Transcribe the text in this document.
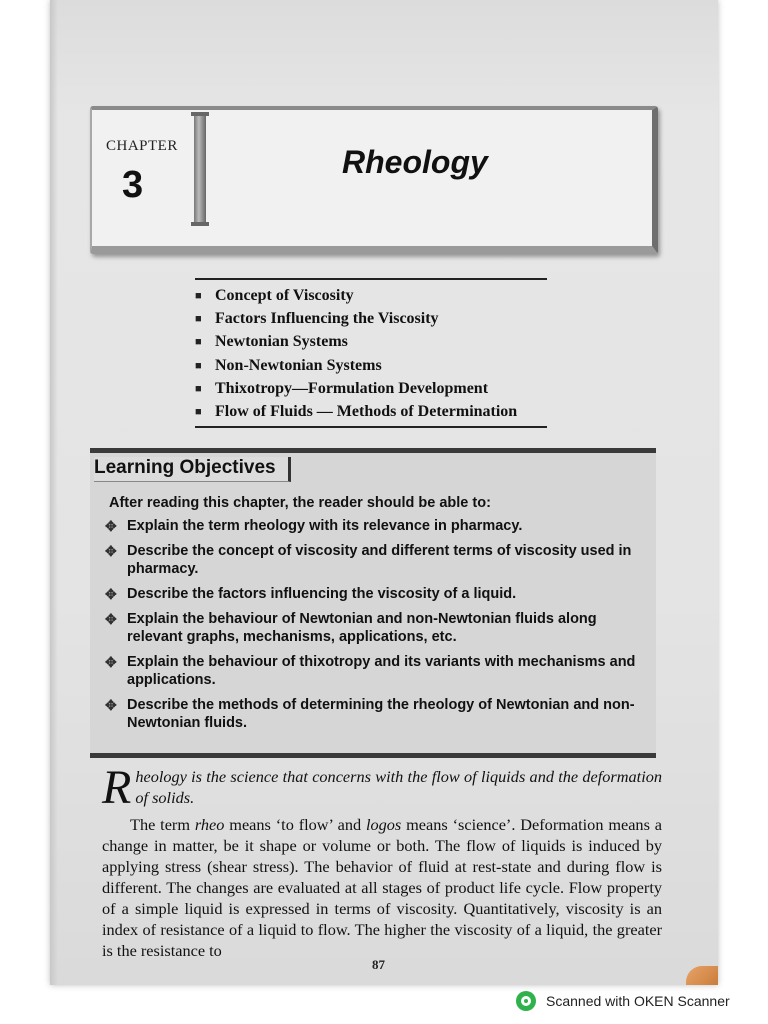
CHAPTER
3
Rheology
■ Concept of Viscosity
■ Factors Influencing the Viscosity
■ Newtonian Systems
■ Non-Newtonian Systems
■ Thixotropy—Formulation Development
■ Flow of Fluids — Methods of Determination
Learning Objectives
After reading this chapter, the reader should be able to:
✥ Explain the term rheology with its relevance in pharmacy.
✥ Describe the concept of viscosity and different terms of viscosity used in pharmacy.
✥ Describe the factors influencing the viscosity of a liquid.
✥ Explain the behaviour of Newtonian and non-Newtonian fluids along relevant graphs, mechanisms, applications, etc.
✥ Explain the behaviour of thixotropy and its variants with mechanisms and applications.
✥ Describe the methods of determining the rheology of Newtonian and non-Newtonian fluids.

Rheology is the science that concerns with the flow of liquids and the deformation of solids.

The term rheo means ‘to flow’ and logos means ‘science’. Deformation means a change in matter, be it shape or volume or both. The flow of liquids is induced by applying stress (shear stress). The behavior of fluid at rest-state and during flow is different. The changes are evaluated at all stages of product life cycle. Flow property of a simple liquid is expressed in terms of viscosity. Quantitatively, viscosity is an index of resistance of a liquid to flow. The higher the viscosity of a liquid, the greater is the resistance to

87
Scanned with OKEN Scanner
